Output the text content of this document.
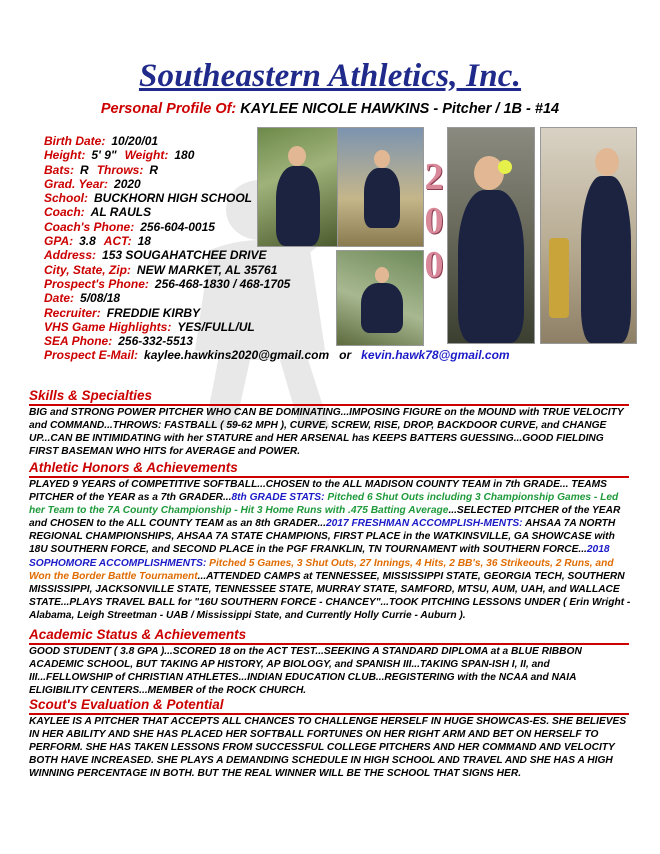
Southeastern Athletics, Inc.
Personal Profile Of: KAYLEE NICOLE HAWKINS - Pitcher / 1B - #14
Birth Date: 10/20/01
Height: 5' 9" Weight: 180
Bats: R Throws: R
Grad. Year: 2020
School: BUCKHORN HIGH SCHOOL
Coach: AL RAULS
Coach's Phone: 256-604-0015
GPA: 3.8 ACT: 18
Address: 153 SOUGAHATCHEE DRIVE
City, State, Zip: NEW MARKET, AL 35761
Prospect's Phone: 256-468-1830 / 468-1705
Date: 5/08/18
Recruiter: FREDDIE KIRBY
VHS Game Highlights: YES/FULL/UL
SEA Phone: 256-332-5513
Prospect E-Mail: kaylee.hawkins2020@gmail.com or kevin.hawk78@gmail.com
2
0
0
Skills & Specialties
BIG and STRONG POWER PITCHER WHO CAN BE DOMINATING...IMPOSING FIGURE on the MOUND with TRUE VELOCITY and COMMAND...THROWS: FASTBALL ( 59-62 MPH ), CURVE, SCREW, RISE, DROP, BACKDOOR CURVE, and CHANGE UP...CAN BE INTIMIDATING with her STATURE and HER ARSENAL has KEEPS BATTERS GUESSING...GOOD FIELDING FIRST BASEMAN WHO HITS for AVERAGE and POWER.
Athletic Honors & Achievements
PLAYED 9 YEARS of COMPETITIVE SOFTBALL...CHOSEN to the ALL MADISON COUNTY TEAM in 7th GRADE... TEAMS PITCHER of the YEAR as a 7th GRADER...8th GRADE STATS: Pitched 6 Shut Outs including 3 Championship Games - Led her Team to the 7A County Championship - Hit 3 Home Runs with .475 Batting Average...SELECTED PITCHER of the YEAR and CHOSEN to the ALL COUNTY TEAM as an 8th GRADER...2017 FRESHMAN ACCOMPLISH-MENTS: AHSAA 7A NORTH REGIONAL CHAMPIONSHIPS, AHSAA 7A STATE CHAMPIONS, FIRST PLACE in the WATKINSVILLE, GA SHOWCASE with 18U SOUTHERN FORCE, and SECOND PLACE in the PGF FRANKLIN, TN TOURNAMENT with SOUTHERN FORCE...2018 SOPHOMORE ACCOMPLISHMENTS: Pitched 5 Games, 3 Shut Outs, 27 Innings, 4 Hits, 2 BB's, 36 Strikeouts, 2 Runs, and Won the Border Battle Tournament...ATTENDED CAMPS at TENNESSEE, MISSISSIPPI STATE, GEORGIA TECH, SOUTHERN MISSISSIPPI, JACKSONVILLE STATE, TENNESSEE STATE, MURRAY STATE, SAMFORD, MTSU, AUM, UAH, and WALLACE STATE...PLAYS TRAVEL BALL for "16U SOUTHERN FORCE - CHANCEY"...TOOK PITCHING LESSONS UNDER ( Erin Wright - Alabama, Leigh Streetman - UAB / Mississippi State, and Currently Holly Currie - Auburn ).
Academic Status & Achievements
GOOD STUDENT ( 3.8 GPA )...SCORED 18 on the ACT TEST...SEEKING A STANDARD DIPLOMA at a BLUE RIBBON ACADEMIC SCHOOL, BUT TAKING AP HISTORY, AP BIOLOGY, and SPANISH III...TAKING SPAN-ISH I, II, and III...FELLOWSHIP of CHRISTIAN ATHLETES...INDIAN EDUCATION CLUB...REGISTERING with the NCAA and NAIA ELIGIBILITY CENTERS...MEMBER of the ROCK CHURCH.
Scout's Evaluation & Potential
KAYLEE IS A PITCHER THAT ACCEPTS ALL CHANCES TO CHALLENGE HERSELF IN HUGE SHOWCAS-ES. SHE BELIEVES IN HER ABILITY AND SHE HAS PLACED HER SOFTBALL FORTUNES ON HER RIGHT ARM AND BET ON HERSELF TO PERFORM. SHE HAS TAKEN LESSONS FROM SUCCESSFUL COLLEGE PITCHERS AND HER COMMAND AND VELOCITY BOTH HAVE INCREASED. SHE PLAYS A DEMANDING SCHEDULE IN HIGH SCHOOL AND TRAVEL AND SHE HAS A HIGH WINNING PERCENTAGE IN BOTH. BUT THE REAL WINNER WILL BE THE SCHOOL THAT SIGNS HER.
